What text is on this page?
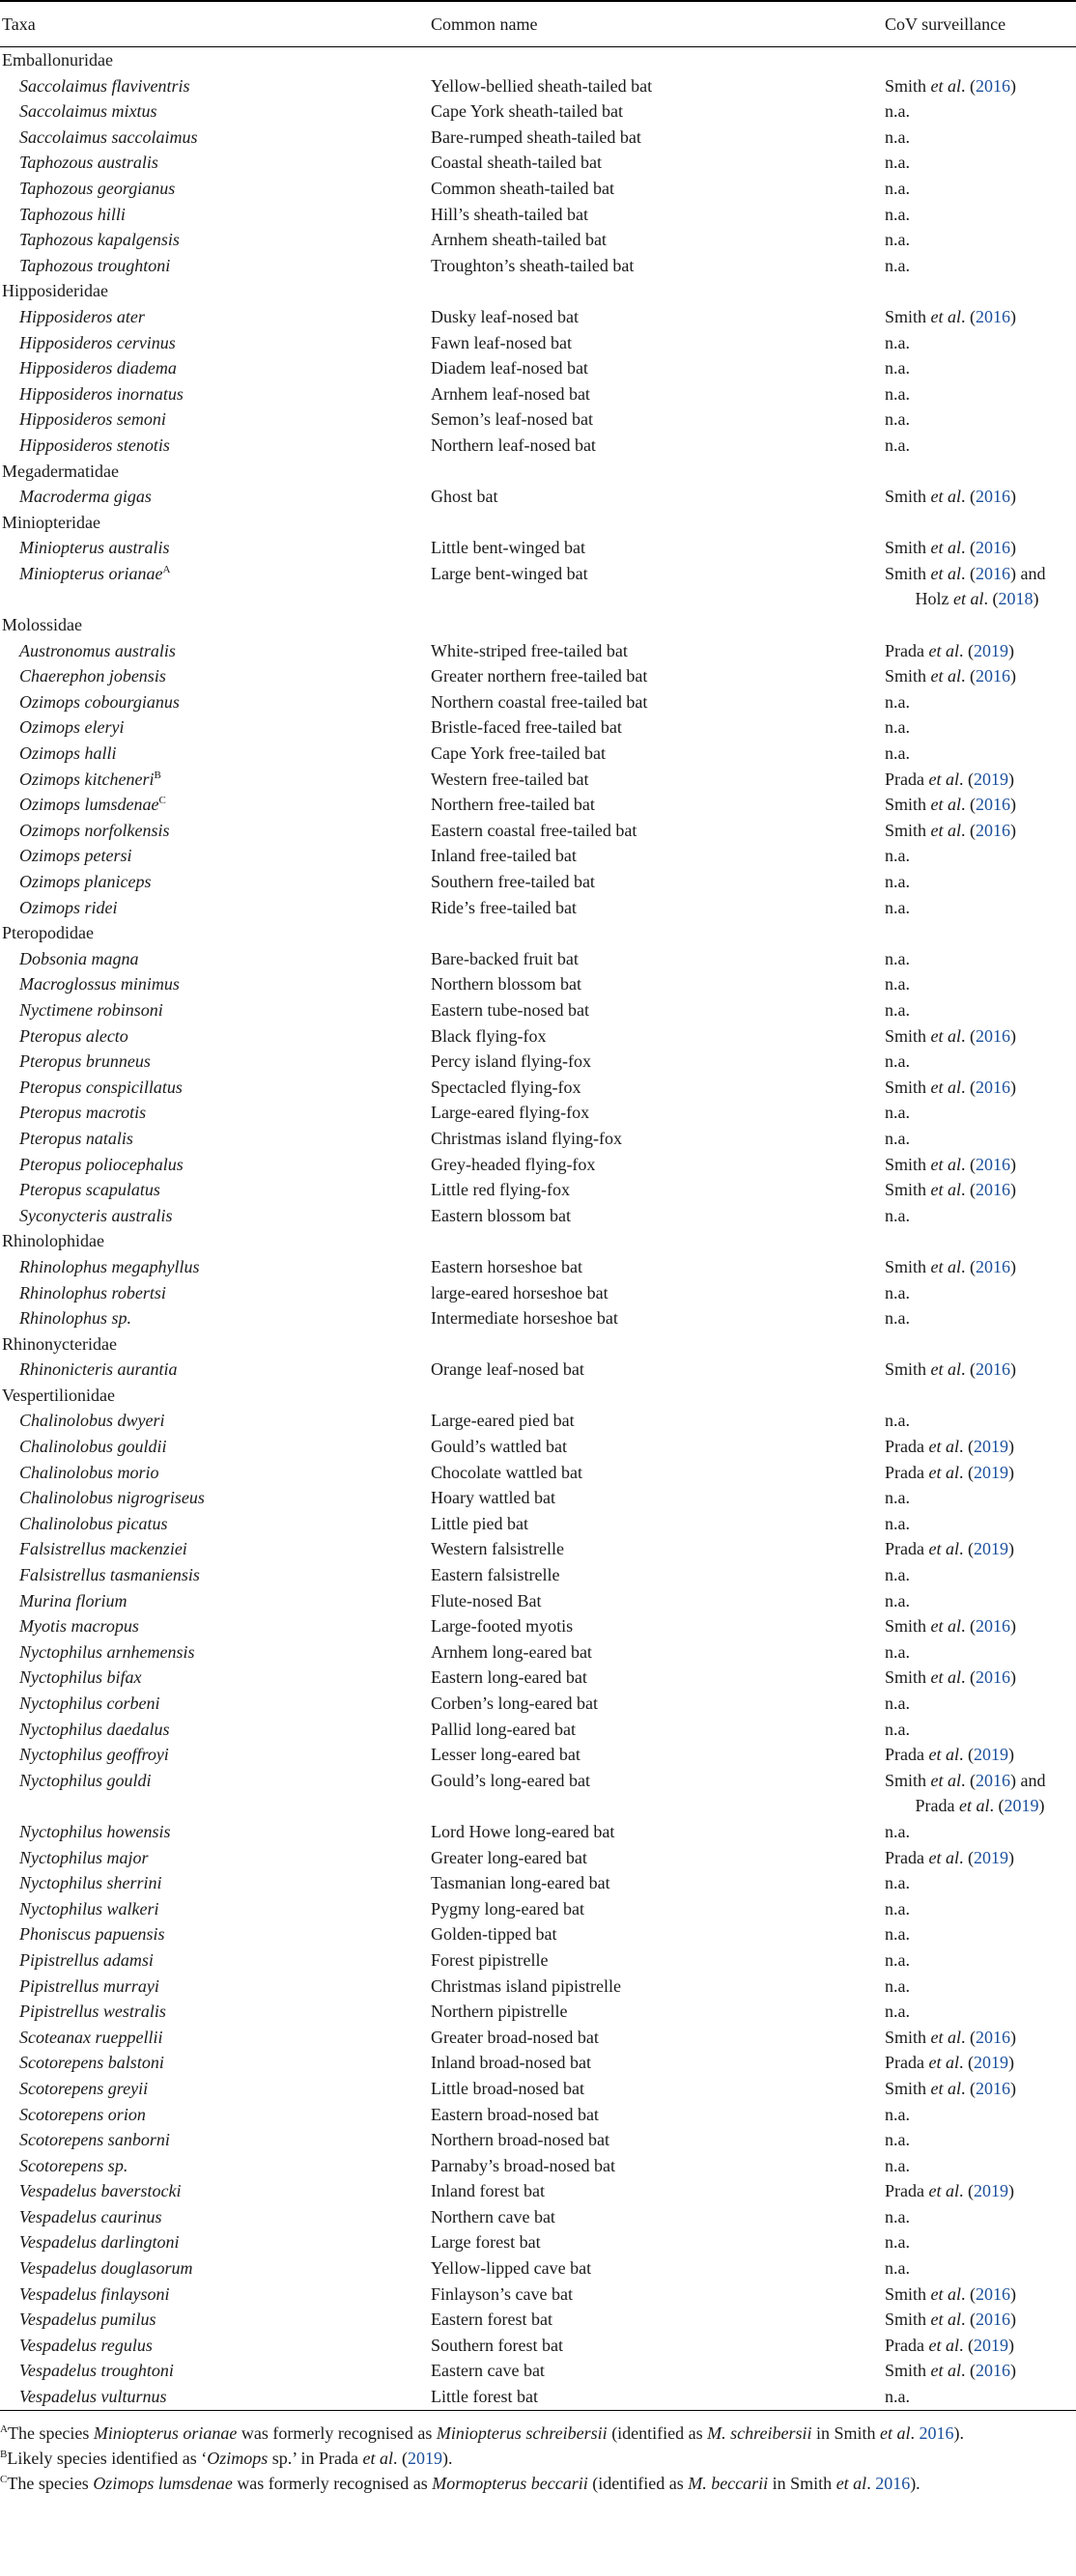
Taxa	Common name	CoV surveillance

Emballonuridae		
Saccolaimus flaviventris	Yellow-bellied sheath-tailed bat	Smith et al. (2016)
Saccolaimus mixtus	Cape York sheath-tailed bat	n.a.
Saccolaimus saccolaimus	Bare-rumped sheath-tailed bat	n.a.
Taphozous australis	Coastal sheath-tailed bat	n.a.
Taphozous georgianus	Common sheath-tailed bat	n.a.
Taphozous hilli	Hill’s sheath-tailed bat	n.a.
Taphozous kapalgensis	Arnhem sheath-tailed bat	n.a.
Taphozous troughtoni	Troughton’s sheath-tailed bat	n.a.
Hipposideridae		
Hipposideros ater	Dusky leaf-nosed bat	Smith et al. (2016)
Hipposideros cervinus	Fawn leaf-nosed bat	n.a.
Hipposideros diadema	Diadem leaf-nosed bat	n.a.
Hipposideros inornatus	Arnhem leaf-nosed bat	n.a.
Hipposideros semoni	Semon’s leaf-nosed bat	n.a.
Hipposideros stenotis	Northern leaf-nosed bat	n.a.
Megadermatidae		
Macroderma gigas	Ghost bat	Smith et al. (2016)
Miniopteridae		
Miniopterus australis	Little bent-winged bat	Smith et al. (2016)
Miniopterus orianae$^A$	Large bent-winged bat	Smith et al. (2016) and
Holz et al. (2018)
Molossidae		
Austronomus australis	White-striped free-tailed bat	Prada et al. (2019)
Chaerephon jobensis	Greater northern free-tailed bat	Smith et al. (2016)
Ozimops cobourgianus	Northern coastal free-tailed bat	n.a.
Ozimops eleryi	Bristle-faced free-tailed bat	n.a.
Ozimops halli	Cape York free-tailed bat	n.a.
Ozimops kitcheneri$^B$	Western free-tailed bat	Prada et al. (2019)
Ozimops lumsdenae$^C$	Northern free-tailed bat	Smith et al. (2016)
Ozimops norfolkensis	Eastern coastal free-tailed bat	Smith et al. (2016)
Ozimops petersi	Inland free-tailed bat	n.a.
Ozimops planiceps	Southern free-tailed bat	n.a.
Ozimops ridei	Ride’s free-tailed bat	n.a.
Pteropodidae		
Dobsonia magna	Bare-backed fruit bat	n.a.
Macroglossus minimus	Northern blossom bat	n.a.
Nyctimene robinsoni	Eastern tube-nosed bat	n.a.
Pteropus alecto	Black flying-fox	Smith et al. (2016)
Pteropus brunneus	Percy island flying-fox	n.a.
Pteropus conspicillatus	Spectacled flying-fox	Smith et al. (2016)
Pteropus macrotis	Large-eared flying-fox	n.a.
Pteropus natalis	Christmas island flying-fox	n.a.
Pteropus poliocephalus	Grey-headed flying-fox	Smith et al. (2016)
Pteropus scapulatus	Little red flying-fox	Smith et al. (2016)
Syconycteris australis	Eastern blossom bat	n.a.
Rhinolophidae		
Rhinolophus megaphyllus	Eastern horseshoe bat	Smith et al. (2016)
Rhinolophus robertsi	large-eared horseshoe bat	n.a.
Rhinolophus sp.	Intermediate horseshoe bat	n.a.
Rhinonycteridae		
Rhinonicteris aurantia	Orange leaf-nosed bat	Smith et al. (2016)
Vespertilionidae		
Chalinolobus dwyeri	Large-eared pied bat	n.a.
Chalinolobus gouldii	Gould’s wattled bat	Prada et al. (2019)
Chalinolobus morio	Chocolate wattled bat	Prada et al. (2019)
Chalinolobus nigrogriseus	Hoary wattled bat	n.a.
Chalinolobus picatus	Little pied bat	n.a.
Falsistrellus mackenziei	Western falsistrelle	Prada et al. (2019)
Falsistrellus tasmaniensis	Eastern falsistrelle	n.a.
Murina florium	Flute-nosed Bat	n.a.
Myotis macropus	Large-footed myotis	Smith et al. (2016)
Nyctophilus arnhemensis	Arnhem long-eared bat	n.a.
Nyctophilus bifax	Eastern long-eared bat	Smith et al. (2016)
Nyctophilus corbeni	Corben’s long-eared bat	n.a.
Nyctophilus daedalus	Pallid long-eared bat	n.a.
Nyctophilus geoffroyi	Lesser long-eared bat	Prada et al. (2019)
Nyctophilus gouldi	Gould’s long-eared bat	Smith et al. (2016) and
Prada et al. (2019)
Nyctophilus howensis	Lord Howe long-eared bat	n.a.
Nyctophilus major	Greater long-eared bat	Prada et al. (2019)
Nyctophilus sherrini	Tasmanian long-eared bat	n.a.
Nyctophilus walkeri	Pygmy long-eared bat	n.a.
Phoniscus papuensis	Golden-tipped bat	n.a.
Pipistrellus adamsi	Forest pipistrelle	n.a.
Pipistrellus murrayi	Christmas island pipistrelle	n.a.
Pipistrellus westralis	Northern pipistrelle	n.a.
Scoteanax rueppellii	Greater broad-nosed bat	Smith et al. (2016)
Scotorepens balstoni	Inland broad-nosed bat	Prada et al. (2019)
Scotorepens greyii	Little broad-nosed bat	Smith et al. (2016)
Scotorepens orion	Eastern broad-nosed bat	n.a.
Scotorepens sanborni	Northern broad-nosed bat	n.a.
Scotorepens sp.	Parnaby’s broad-nosed bat	n.a.
Vespadelus baverstocki	Inland forest bat	Prada et al. (2019)
Vespadelus caurinus	Northern cave bat	n.a.
Vespadelus darlingtoni	Large forest bat	n.a.
Vespadelus douglasorum	Yellow-lipped cave bat	n.a.
Vespadelus finlaysoni	Finlayson’s cave bat	Smith et al. (2016)
Vespadelus pumilus	Eastern forest bat	Smith et al. (2016)
Vespadelus regulus	Southern forest bat	Prada et al. (2019)
Vespadelus troughtoni	Eastern cave bat	Smith et al. (2016)
Vespadelus vulturnus	Little forest bat	n.a.

$^A$The species Miniopterus orianae was formerly recognised as Miniopterus schreibersii (identified as M. schreibersii in Smith et al. 2016).

$^B$Likely species identified as ‘Ozimops sp.’ in Prada et al. (2019).

$^C$The species Ozimops lumsdenae was formerly recognised as Mormopterus beccarii (identified as M. beccarii in Smith et al. 2016).
